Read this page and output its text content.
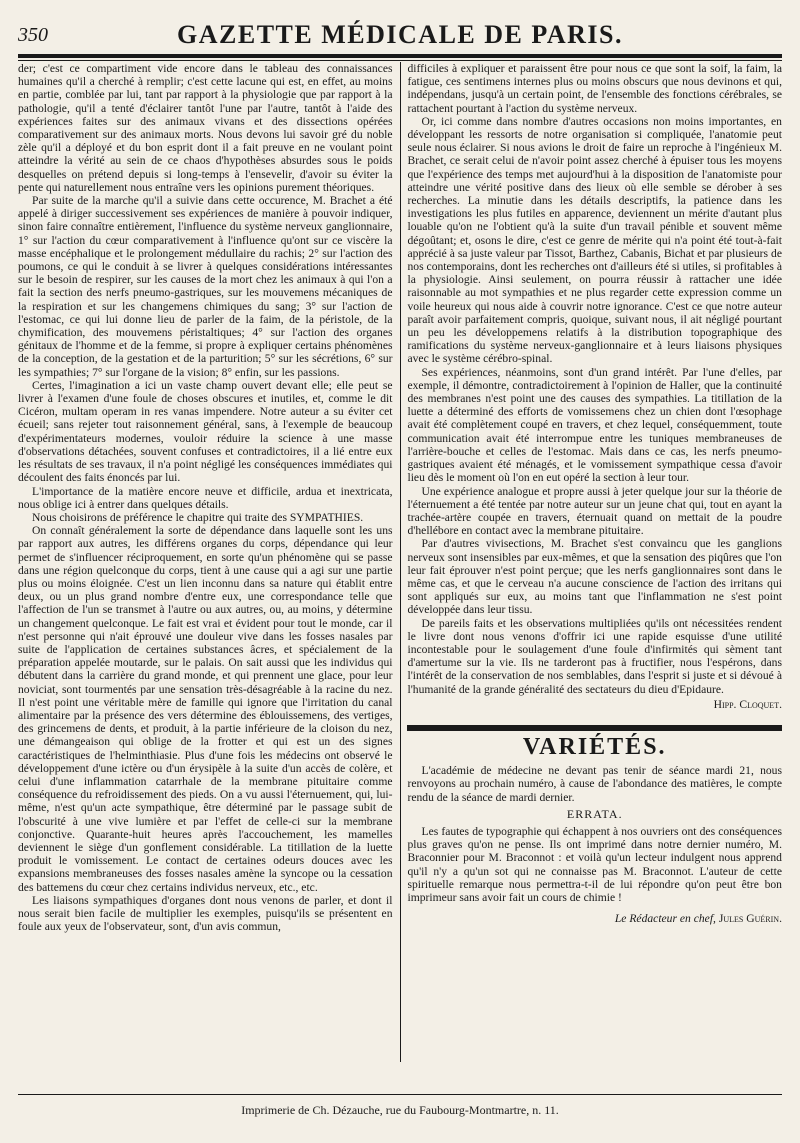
350	GAZETTE MÉDICALE DE PARIS.

der; c'est ce compartiment vide encore dans le tableau des connaissances humaines qu'il a cherché à remplir; c'est cette lacune qui est, en effet, au moins en partie, comblée par lui, tant par rapport à la physiologie que par rapport à la pathologie, qu'il a tenté d'éclairer tantôt l'une par l'autre, tantôt à l'aide des expériences faites sur des animaux vivans et des dissections opérées comparativement sur des animaux morts. Nous devons lui savoir gré du noble zèle qu'il a déployé et du bon esprit dont il a fait preuve en ne voulant point atteindre la vérité au sein de ce chaos d'hypothèses absurdes sous le poids desquelles on prétend depuis si long-temps à l'ensevelir, d'avoir su éviter la pente qui naturellement nous entraîne vers les opinions purement théoriques.

Par suite de la marche qu'il a suivie dans cette occurence, M. Brachet a été appelé à diriger successivement ses expériences de manière à pouvoir indiquer, sinon faire connaître entièrement, l'influence du système nerveux ganglionnaire, 1° sur l'action du cœur comparativement à l'influence qu'ont sur ce viscère la masse encéphalique et le prolongement médullaire du rachis; 2° sur l'action des poumons, ce qui le conduit à se livrer à quelques considérations intéressantes sur le besoin de respirer, sur les causes de la mort chez les animaux à qui l'on a fait la section des nerfs pneumo-gastriques, sur les mouvemens mécaniques de la respiration et sur les changemens chimiques du sang; 3° sur l'action de l'estomac, ce qui lui donne lieu de parler de la faim, de la péristole, de la chymification, des mouvemens péristaltiques; 4° sur l'action des organes génitaux de l'homme et de la femme, si propre à expliquer certains phénomènes de la conception, de la gestation et de la parturition; 5° sur les sécrétions, 6° sur les sympathies; 7° sur l'organe de la vision; 8° enfin, sur les passions.

Certes, l'imagination a ici un vaste champ ouvert devant elle; elle peut se livrer à l'examen d'une foule de choses obscures et inutiles, et, comme le dit Cicéron, multam operam in res vanas impendere. Notre auteur a su éviter cet écueil; sans rejeter tout raisonnement général, sans, à l'exemple de beaucoup d'expérimentateurs modernes, vouloir réduire la science à une masse d'observations détachées, souvent confuses et contradictoires, il a lié entre eux les résultats de ses travaux, il n'a point négligé les conséquences immédiates qui découlent des faits énoncés par lui.

L'importance de la matière encore neuve et difficile, ardua et inextricata, nous oblige ici à entrer dans quelques détails.

Nous choisirons de préférence le chapitre qui traite des SYMPATHIES.

On connaît généralement la sorte de dépendance dans laquelle sont les uns par rapport aux autres, les différens organes du corps, dépendance qui leur permet de s'influencer réciproquement, en sorte qu'un phénomène qui se passe dans une région quelconque du corps, tient à une cause qui a agi sur une partie plus ou moins éloignée. C'est un lien inconnu dans sa nature qui établit entre deux, ou un plus grand nombre d'entre eux, une correspondance telle que l'affection de l'un se transmet à l'autre ou aux autres, ou, au moins, y détermine un changement quelconque. Le fait est vrai et évident pour tout le monde, car il n'est personne qui n'ait éprouvé une douleur vive dans les fosses nasales par suite de l'application de certaines substances âcres, et spécialement de la préparation appelée moutarde, sur le palais. On sait aussi que les individus qui débutent dans la carrière du grand monde, et qui prennent une glace, pour leur noviciat, sont tourmentés par une sensation très-désagréable à la racine du nez. Il n'est point une véritable mère de famille qui ignore que l'irritation du canal alimentaire par la présence des vers détermine des éblouissemens, des vertiges, des grincemens de dents, et produit, à la partie inférieure de la cloison du nez, une démangeaison qui oblige de la frotter et qui est un des signes caractéristiques de l'helminthiasie. Plus d'une fois les médecins ont observé le développement d'une ictère ou d'un érysipèle à la suite d'un accès de colère, et celui d'une inflammation catarrhale de la membrane pituitaire comme conséquence du refroidissement des pieds. On a vu aussi l'éternuement, qui, lui-même, n'est qu'un acte sympathique, être déterminé par le passage subit de l'obscurité à une vive lumière et par l'effet de celle-ci sur la membrane conjonctive. Quarante-huit heures après l'accouchement, les mamelles deviennent le siège d'un gonflement considérable. La titillation de la luette produit le vomissement. Le contact de certaines odeurs douces avec les expansions membraneuses des fosses nasales amène la syncope ou la cessation des battemens du cœur chez certains individus nerveux, etc., etc.

Les liaisons sympathiques d'organes dont nous venons de parler, et dont il nous serait bien facile de multiplier les exemples, puisqu'ils se présentent en foule aux yeux de l'observateur, sont, d'un avis commun,

difficiles à expliquer et paraissent être pour nous ce que sont la soif, la faim, la fatigue, ces sentimens internes plus ou moins obscurs que nous devinons et qui, indépendans, jusqu'à un certain point, de l'ensemble des fonctions cérébrales, se rattachent pourtant à l'action du système nerveux.

Or, ici comme dans nombre d'autres occasions non moins importantes, en développant les ressorts de notre organisation si compliquée, l'anatomie peut seule nous éclairer. Si nous avions le droit de faire un reproche à l'ingénieux M. Brachet, ce serait celui de n'avoir point assez cherché à épuiser tous les moyens que l'expérience des temps met aujourd'hui à la disposition de l'anatomiste pour atteindre une vérité positive dans des lieux où elle semble se dérober à ses recherches. La minutie dans les détails descriptifs, la patience dans les investigations les plus futiles en apparence, deviennent un mérite d'autant plus louable qu'on ne l'obtient qu'à la suite d'un travail pénible et souvent même dégoûtant; et, osons le dire, c'est ce genre de mérite qui n'a point été tout-à-fait apprécié à sa juste valeur par Tissot, Barthez, Cabanis, Bichat et par plusieurs de nos contemporains, dont les recherches ont d'ailleurs été si utiles, si profitables à la physiologie. Ainsi seulement, on pourra réussir à rattacher une idée raisonnable au mot sympathies et ne plus regarder cette expression comme un voile heureux qui nous aide à couvrir notre ignorance. C'est ce que notre auteur paraît avoir parfaitement compris, quoique, suivant nous, il ait négligé pourtant un peu les développemens relatifs à la distribution topographique des ramifications du système nerveux-ganglionnaire et à leurs liaisons physiques avec le système cérébro-spinal.

Ses expériences, néanmoins, sont d'un grand intérêt. Par l'une d'elles, par exemple, il démontre, contradictoirement à l'opinion de Haller, que la continuité des membranes n'est point une des causes des sympathies. La titillation de la luette a déterminé des efforts de vomissemens chez un chien dont l'œsophage avait été complètement coupé en travers, et chez lequel, conséquemment, toute communication avait été interrompue entre les tuniques membraneuses de l'arrière-bouche et celles de l'estomac. Mais dans ce cas, les nerfs pneumo-gastriques avaient été ménagés, et le vomissement sympathique cessa d'avoir lieu dès le moment où l'on en eut opéré la section à leur tour.

Une expérience analogue et propre aussi à jeter quelque jour sur la théorie de l'éternuement a été tentée par notre auteur sur un jeune chat qui, tout en ayant la trachée-artère coupée en travers, éternuait quand on mettait de la poudre d'hellébore en contact avec la membrane pituitaire.

Par d'autres vivisections, M. Brachet s'est convaincu que les ganglions nerveux sont insensibles par eux-mêmes, et que la sensation des piqûres que l'on leur fait éprouver n'est point perçue; que les nerfs ganglionnaires sont dans le même cas, et que le cerveau n'a aucune conscience de l'action des irritans qui sont appliqués sur eux, au moins tant que l'inflammation ne s'est point développée dans leur tissu.

De pareils faits et les observations multipliées qu'ils ont nécessitées rendent le livre dont nous venons d'offrir ici une rapide esquisse d'une utilité incontestable pour le soulagement d'une foule d'infirmités qui sèment tant d'amertume sur la vie. Ils ne tarderont pas à fructifier, nous l'espérons, dans l'intérêt de la conservation de nos semblables, dans l'esprit si juste et si dévoué à l'humanité de la grande généralité des sectateurs du dieu d'Epidaure.

Hipp. Cloquet.

VARIÉTÉS.

L'académie de médecine ne devant pas tenir de séance mardi 21, nous renvoyons au prochain numéro, à cause de l'abondance des matières, le compte rendu de la séance de mardi dernier.

ERRATA.

Les fautes de typographie qui échappent à nos ouvriers ont des conséquences plus graves qu'on ne pense. Ils ont imprimé dans notre dernier numéro, M. Braconnier pour M. Braconnot : et voilà qu'un lecteur indulgent nous apprend qu'il n'y a qu'un sot qui ne connaisse pas M. Braconnot. L'auteur de cette spirituelle remarque nous permettra-t-il de lui répondre qu'on peut être bon imprimeur sans avoir fait un cours de chimie !

Le Rédacteur en chef, Jules Guérin.
Imprimerie de Ch. Dézauche, rue du Faubourg-Montmartre, n. 11.
